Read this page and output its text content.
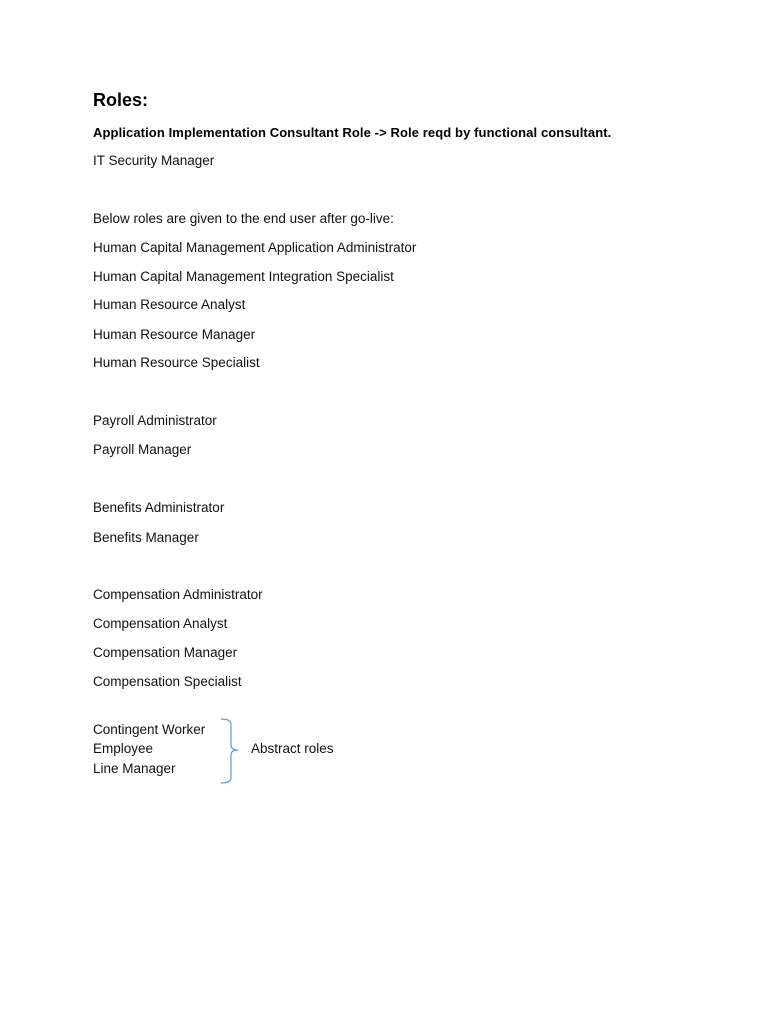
Roles:
Application Implementation Consultant Role -> Role reqd by functional consultant.
IT Security Manager
Below roles are given to the end user after go-live:
Human Capital Management Application Administrator
Human Capital Management Integration Specialist
Human Resource Analyst
Human Resource Manager
Human Resource Specialist
Payroll Administrator
Payroll Manager
Benefits Administrator
Benefits Manager
Compensation Administrator
Compensation Analyst
Compensation Manager
Compensation Specialist
Contingent Worker
Employee
Line Manager
Abstract roles
